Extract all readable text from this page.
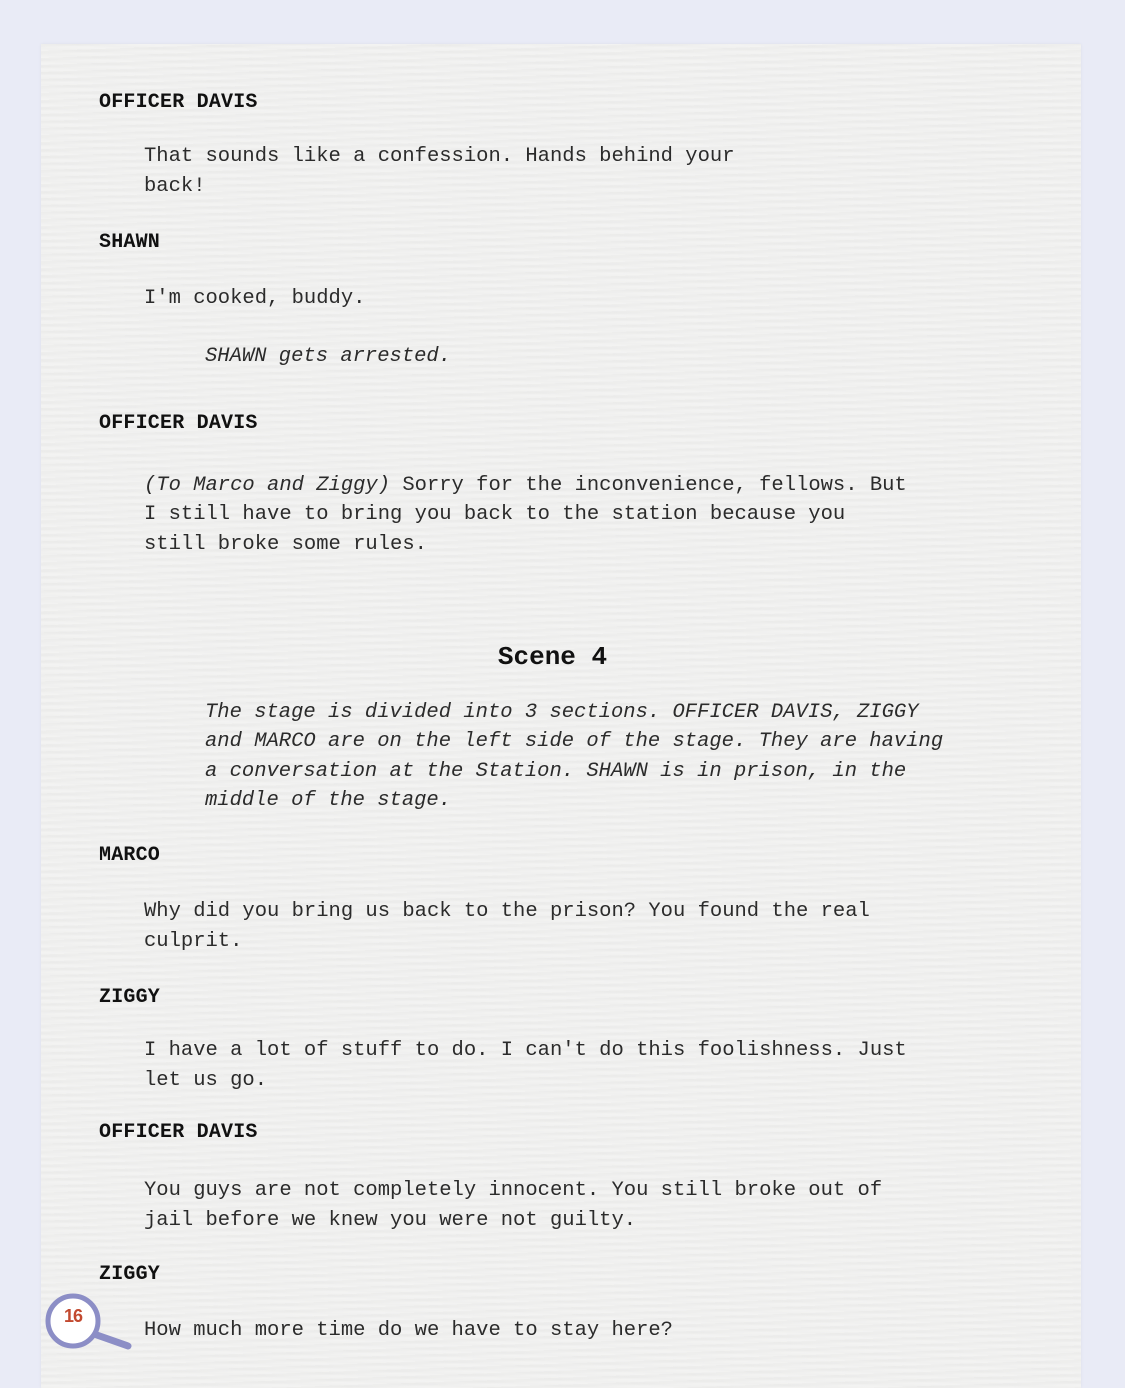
OFFICER DAVIS

That sounds like a confession. Hands behind your
back!

SHAWN

I'm cooked, buddy.

SHAWN gets arrested.

OFFICER DAVIS

(To Marco and Ziggy) Sorry for the inconvenience, fellows. But

I still have to bring you back to the station because you
still broke some rules.

Scene 4

The stage is divided into 3 sections. OFFICER DAVIS, ZIGGY
and MARCO are on the left side of the stage. They are having
a conversation at the Station. SHAWN is in prison, in the
middle of the stage.

MARCO

Why did you bring us back to the prison? You found the real
culprit.

ZIGGY

I have a lot of stuff to do. I can't do this foolishness. Just
let us go.

OFFICER DAVIS

You guys are not completely innocent. You still broke out of
jail before we knew you were not guilty.

ZIGGY

How much more time do we have to stay here?

16
